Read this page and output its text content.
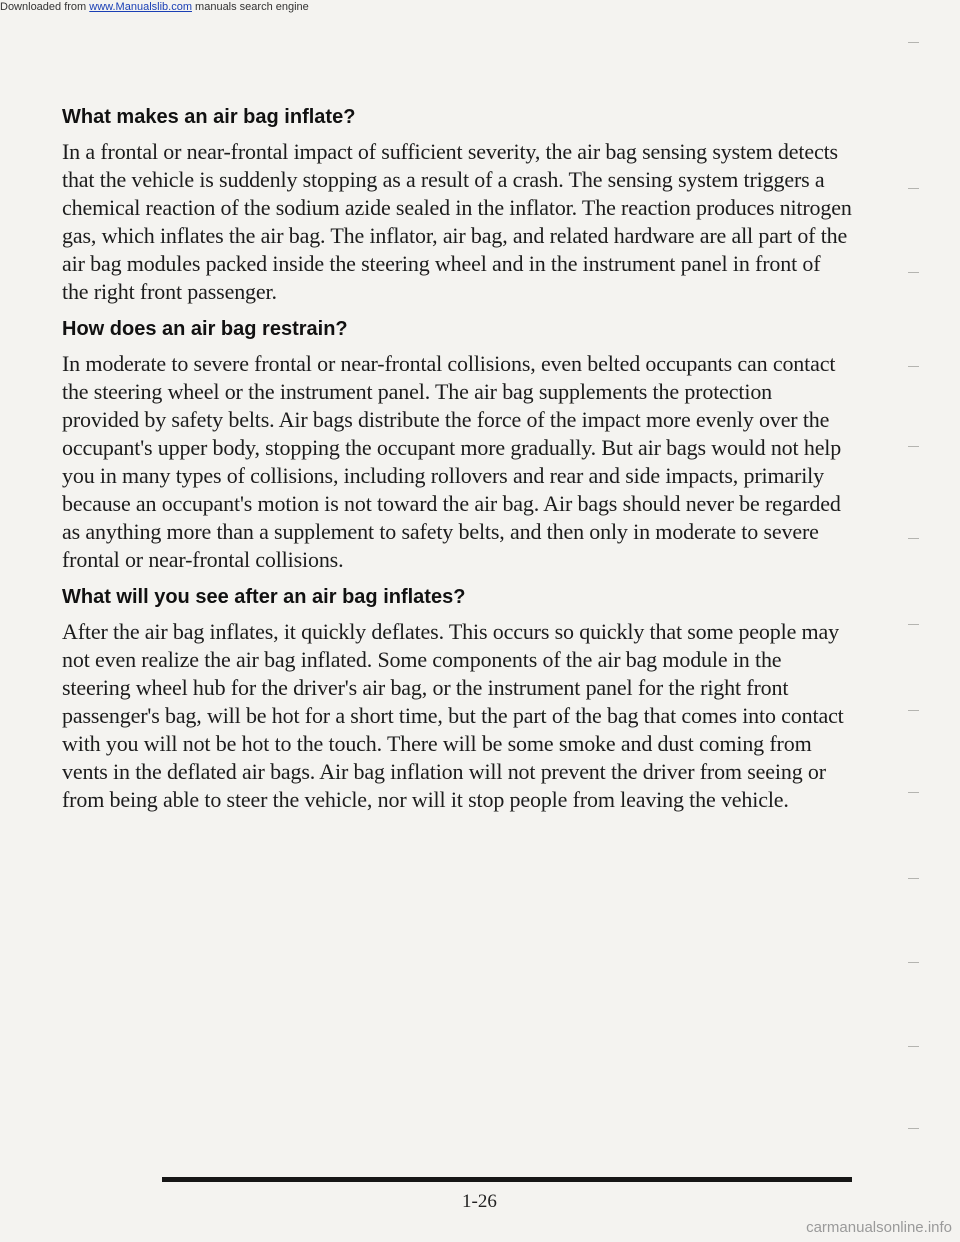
Downloaded from www.Manualslib.com manuals search engine
What makes an air bag inflate?

In a frontal or near-frontal impact of sufficient severity, the air bag sensing system detects that the vehicle is suddenly stopping as a result of a crash. The sensing system triggers a chemical reaction of the sodium azide sealed in the inflator. The reaction produces nitrogen gas, which inflates the air bag. The inflator, air bag, and related hardware are all part of the air bag modules packed inside the steering wheel and in the instrument panel in front of the right front passenger.

How does an air bag restrain?

In moderate to severe frontal or near-frontal collisions, even belted occupants can contact the steering wheel or the instrument panel. The air bag supplements the protection provided by safety belts. Air bags distribute the force of the impact more evenly over the occupant's upper body, stopping the occupant more gradually. But air bags would not help you in many types of collisions, including rollovers and rear and side impacts, primarily because an occupant's motion is not toward the air bag. Air bags should never be regarded as anything more than a supplement to safety belts, and then only in moderate to severe frontal or near-frontal collisions.

What will you see after an air bag inflates?

After the air bag inflates, it quickly deflates. This occurs so quickly that some people may not even realize the air bag inflated. Some components of the air bag module in the steering wheel hub for the driver's air bag, or the instrument panel for the right front passenger's bag, will be hot for a short time, but the part of the bag that comes into contact with you will not be hot to the touch. There will be some smoke and dust coming from vents in the deflated air bags. Air bag inflation will not prevent the driver from seeing or from being able to steer the vehicle, nor will it stop people from leaving the vehicle.

1-26
carmanualsonline.info
